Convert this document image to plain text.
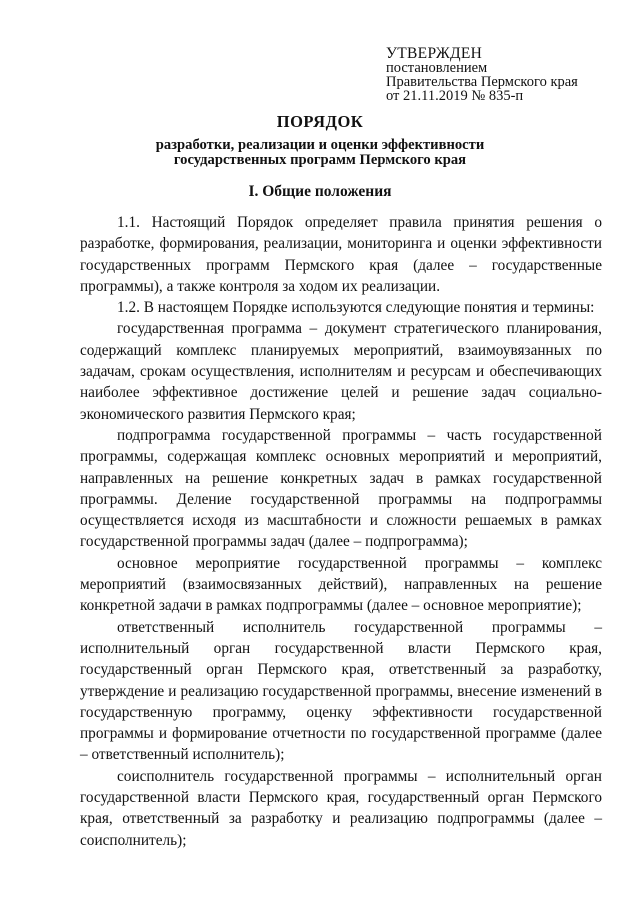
УТВЕРЖДЕН
постановлением
Правительства Пермского края
от 21.11.2019 № 835-п
ПОРЯДОК
разработки, реализации и оценки эффективности
государственных программ Пермского края
I. Общие положения

1.1. Настоящий Порядок определяет правила принятия решения о разработке, формирования, реализации, мониторинга и оценки эффективности государственных программ Пермского края (далее – государственные программы), а также контроля за ходом их реализации.

1.2. В настоящем Порядке используются следующие понятия и термины:

государственная программа – документ стратегического планирования, содержащий комплекс планируемых мероприятий, взаимоувязанных по задачам, срокам осуществления, исполнителям и ресурсам и обеспечивающих наиболее эффективное достижение целей и решение задач социально-экономического развития Пермского края;

подпрограмма государственной программы – часть государственной программы, содержащая комплекс основных мероприятий и мероприятий, направленных на решение конкретных задач в рамках государственной программы. Деление государственной программы на подпрограммы осуществляется исходя из масштабности и сложности решаемых в рамках государственной программы задач (далее – подпрограмма);

основное мероприятие государственной программы – комплекс мероприятий (взаимосвязанных действий), направленных на решение конкретной задачи в рамках подпрограммы (далее – основное мероприятие);

ответственный исполнитель государственной программы – исполнительный орган государственной власти Пермского края, государственный орган Пермского края, ответственный за разработку, утверждение и реализацию государственной программы, внесение изменений в государственную программу, оценку эффективности государственной программы и формирование отчетности по государственной программе (далее – ответственный исполнитель);

соисполнитель государственной программы – исполнительный орган государственной власти Пермского края, государственный орган Пермского края, ответственный за разработку и реализацию подпрограммы (далее – соисполнитель);
